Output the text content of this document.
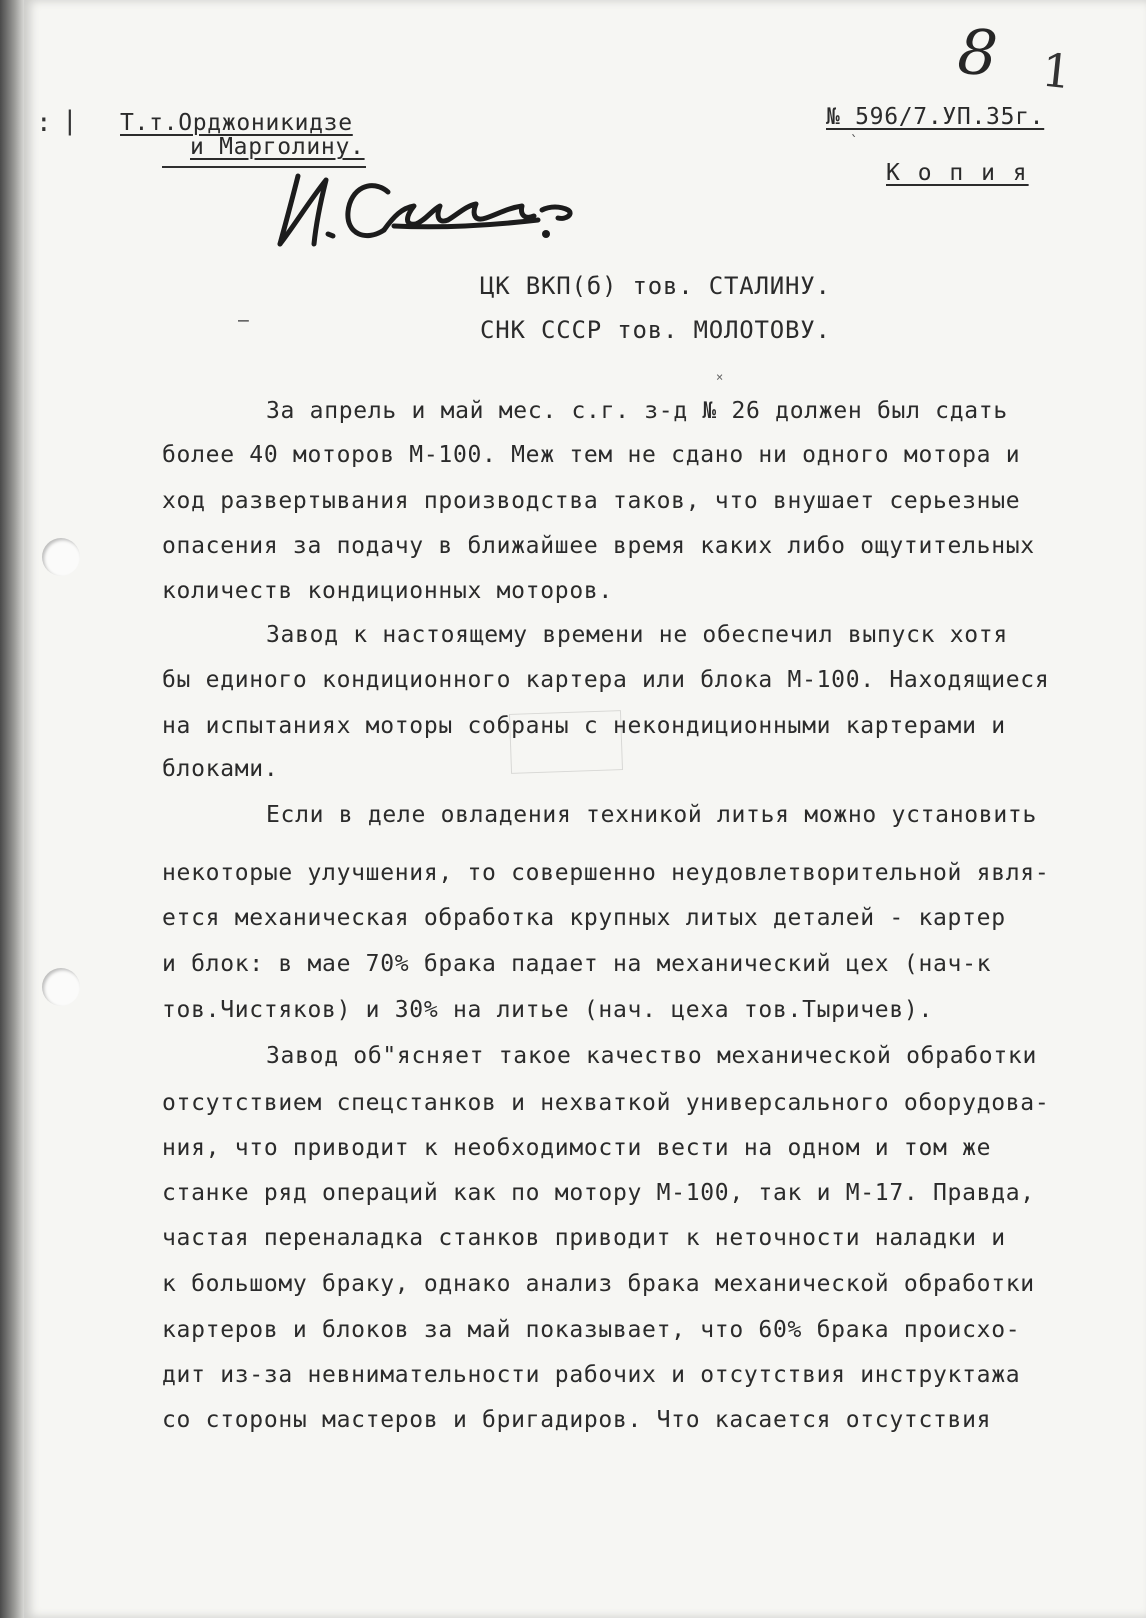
: |
8 1
Т.т.Орджоникидзе
и Марголину.
№ 596/7.УП.35г.
К о п и я
—
×
`
ЦК ВКП(б) тов. СТАЛИНУ.
СНК СССР тов. МОЛОТОВУ.
За апрель и май мес. с.г. з-д № 26 должен был сдать
более 40 моторов М-100. Меж тем не сдано ни одного мотора и
ход развертывания производства таков, что внушает серьезные
опасения за подачу в ближайшее время каких либо ощутительных
количеств кондиционных моторов.
Завод к настоящему времени не обеспечил выпуск хотя
бы единого кондиционного картера или блока М-100. Находящиеся
на испытаниях моторы собраны с некондиционными картерами и
блоками.
Если в деле овладения техникой литья можно установить
некоторые улучшения, то совершенно неудовлетворительной явля-
ется механическая обработка крупных литых деталей - картер
и блок: в мае 70% брака падает на механический цех (нач-к
тов.Чистяков) и 30% на литье (нач. цеха тов.Тыричев).
Завод об"ясняет такое качество механической обработки
отсутствием спецстанков и нехваткой универсального оборудова-
ния, что приводит к необходимости вести на одном и том же
станке ряд операций как по мотору М-100, так и М-17. Правда,
частая переналадка станков приводит к неточности наладки и
к большому браку, однако анализ брака механической обработки
картеров и блоков за май показывает, что 60% брака происхо-
дит из-за невнимательности рабочих и отсутствия инструктажа
со стороны мастеров и бригадиров. Что касается отсутствия
